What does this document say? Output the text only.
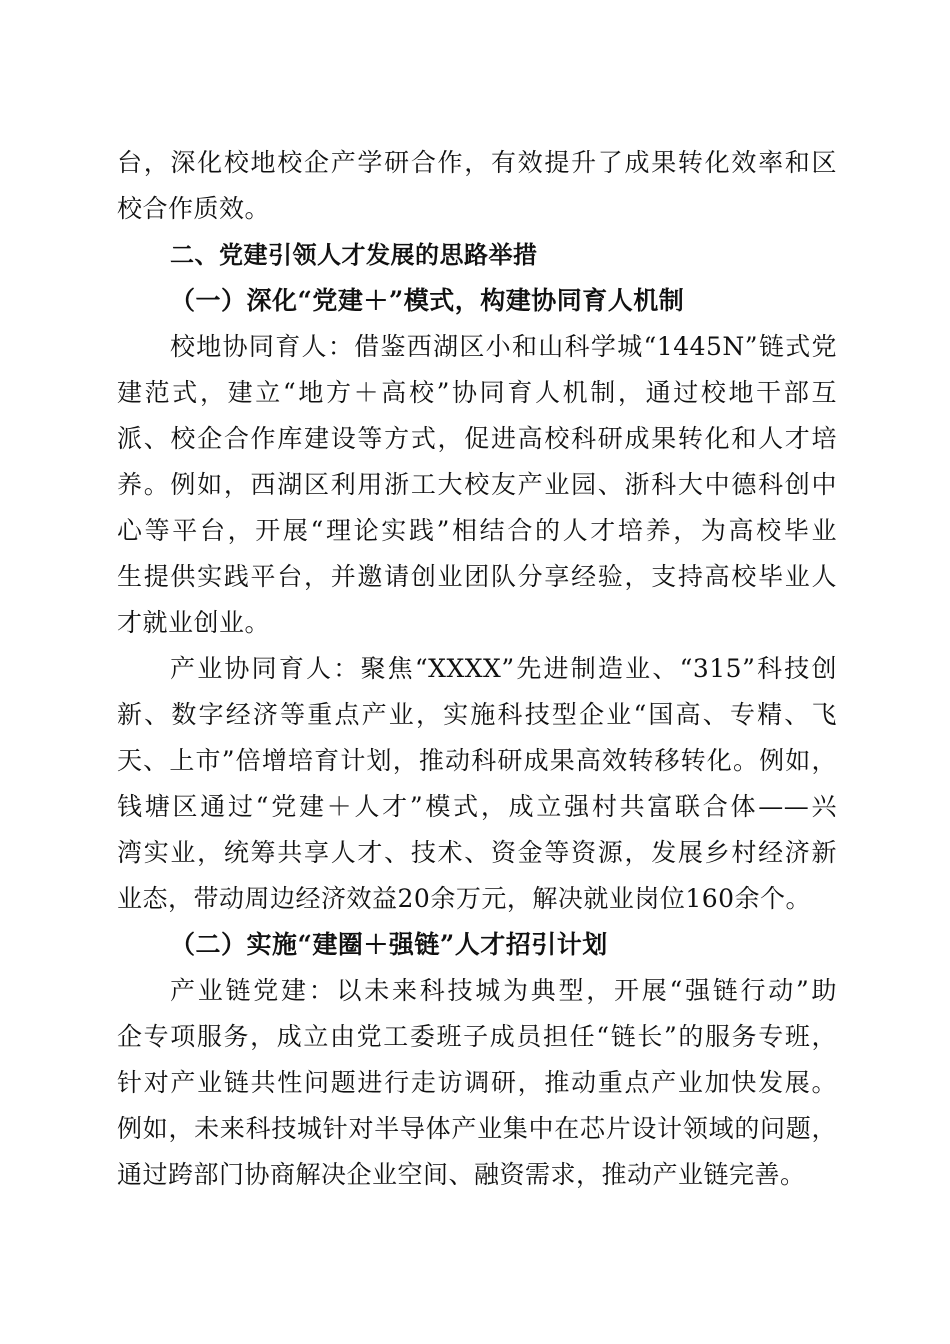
台，深化校地校企产学研合作，有效提升了成果转化效率和区
校合作质效。
二、党建引领人才发展的思路举措
（一）深化“党建＋”模式，构建协同育人机制
校地协同育人：借鉴西湖区小和山科学城“1445N”链式党
建范式，建立“地方＋高校”协同育人机制，通过校地干部互
派、校企合作库建设等方式，促进高校科研成果转化和人才培
养。例如，西湖区利用浙工大校友产业园、浙科大中德科创中
心等平台，开展“理论实践”相结合的人才培养，为高校毕业
生提供实践平台，并邀请创业团队分享经验，支持高校毕业人
才就业创业。
产业协同育人：聚焦“XXXX”先进制造业、“315”科技创
新、数字经济等重点产业，实施科技型企业“国高、专精、飞
天、上市”倍增培育计划，推动科研成果高效转移转化。例如，
钱塘区通过“党建＋人才”模式，成立强村共富联合体——兴
湾实业，统筹共享人才、技术、资金等资源，发展乡村经济新
业态，带动周边经济效益20余万元，解决就业岗位160余个。
（二）实施“建圈＋强链”人才招引计划
产业链党建：以未来科技城为典型，开展“强链行动”助
企专项服务，成立由党工委班子成员担任“链长”的服务专班，
针对产业链共性问题进行走访调研，推动重点产业加快发展。
例如，未来科技城针对半导体产业集中在芯片设计领域的问题，
通过跨部门协商解决企业空间、融资需求，推动产业链完善。
